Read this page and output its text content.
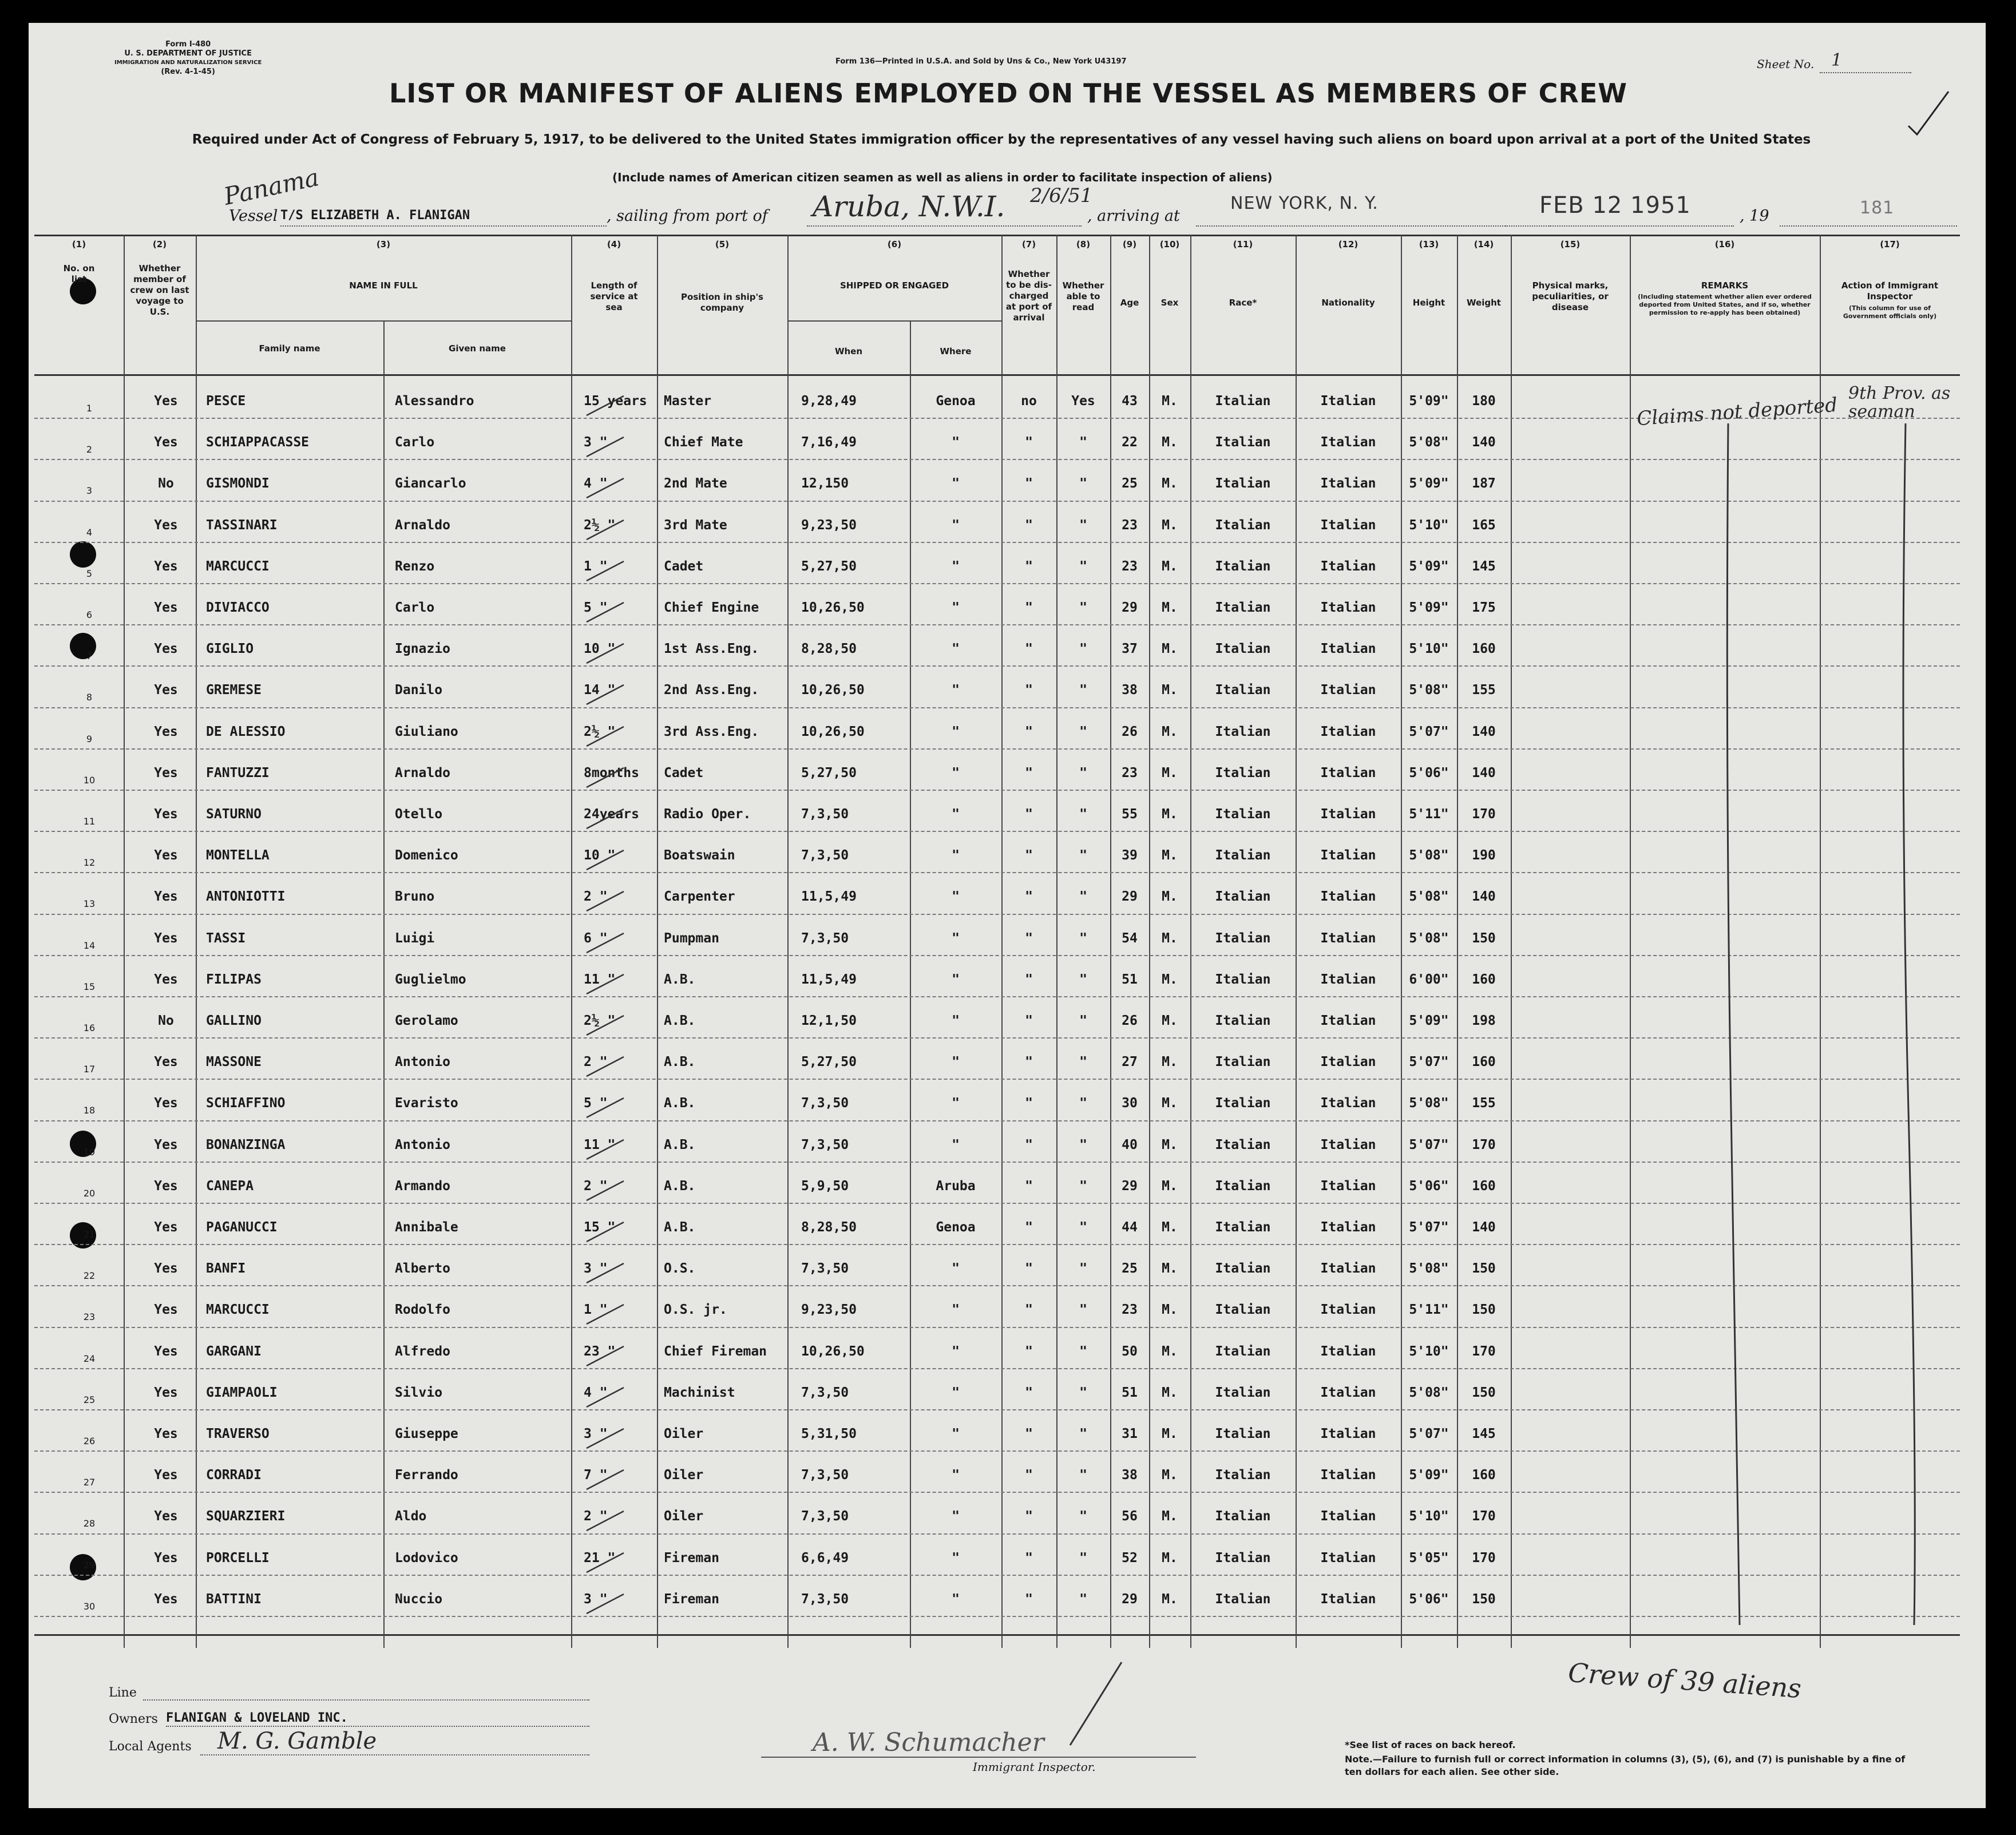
Form I-480
U. S. DEPARTMENT OF JUSTICE
IMMIGRATION AND NATURALIZATION SERVICE
(Rev. 4-1-45)
Form 136—Printed in U.S.A. and Sold by Uns & Co., New York U43197	Sheet No. 1
LIST OR MANIFEST OF ALIENS EMPLOYED ON THE VESSEL AS MEMBERS OF CREW
Required under Act of Congress of February 5, 1917, to be delivered to the United States immigration officer by the representatives of any vessel having such aliens on board upon arrival at a port of the United States
(Include names of American citizen seamen as well as aliens in order to facilitate inspection of aliens)
Panama
Vessel T/S ELIZABETH A. FLANIGAN	, sailing from port of Aruba, N.W.I. 2/6/51
, arriving at
NEW YORK, N. Y.	FEB 12 1951	, 19	181
(1)
No. on list
(2)
Whether member of crew on last voyage to U.S.
(3)
NAME IN FULL
Family name	Given name
(4)
Length of service at sea
(5)
Position in ship's company
(6)
SHIPPED OR ENGAGED
When	Where
(7)
Whether to be dis-charged at port of arrival
(8)
Whether able to read
(9)
Age
(10)
Sex
(11)
Race*
(12)
Nationality
(13)
Height
(14)
Weight
(15)
Physical marks, peculiarities, or disease
(16)
REMARKS
(Including statement whether alien ever ordered deported from United States, and if so, whether permission to re-apply has been obtained)
(17)
Action of Immigrant Inspector
(This column for use of Government officials only)
1	Yes PESCE	Alessandro	15 years Master	9,28,49	Genoa	no	Yes 43 M.	Italian	Italian	5'09" 180
2	Yes SCHIAPPACASSE	Carlo	3 "	Chief Mate	7,16,49	"	"	"	22 M.	Italian	Italian	5'08" 140
3	No GISMONDI	Giancarlo	4 "	2nd Mate	12,150	"	"	"	25 M.	Italian	Italian	5'09" 187
4	Yes TASSINARI	Arnaldo	2½ "	3rd Mate	9,23,50	"	"	"	23 M.	Italian	Italian	5'10" 165
5	Yes MARCUCCI	Renzo	1 "	Cadet	5,27,50	"	"	"	23 M.	Italian	Italian	5'09" 145
6	Yes DIVIACCO	Carlo	5 "	Chief Engine	10,26,50	"	"	"	29 M.	Italian	Italian	5'09" 175
7	Yes GIGLIO	Ignazio	10 "	1st Ass.Eng.	8,28,50	"	"	"	37 M.	Italian	Italian	5'10" 160
8	Yes GREMESE	Danilo	14 "	2nd Ass.Eng.	10,26,50	"	"	"	38 M.	Italian	Italian	5'08" 155
9	Yes DE ALESSIO	Giuliano	2½ "	3rd Ass.Eng.	10,26,50	"	"	"	26 M.	Italian	Italian	5'07" 140
10	Yes FANTUZZI	Arnaldo	8months Cadet	5,27,50	"	"	"	23 M.	Italian	Italian	5'06" 140
11	Yes SATURNO	Otello	24years Radio Oper.	7,3,50	"	"	"	55 M.	Italian	Italian	5'11" 170
12	Yes MONTELLA	Domenico	10 "	Boatswain	7,3,50	"	"	"	39 M.	Italian	Italian	5'08" 190
13	Yes ANTONIOTTI	Bruno	2 "	Carpenter	11,5,49	"	"	"	29 M.	Italian	Italian	5'08" 140
14	Yes TASSI	Luigi	6 "	Pumpman	7,3,50	"	"	"	54 M.	Italian	Italian	5'08" 150
15	Yes FILIPAS	Guglielmo	11 "	A.B.	11,5,49	"	"	"	51 M.	Italian	Italian	6'00" 160
16	No GALLINO	Gerolamo	2½ "	A.B.	12,1,50	"	"	"	26 M.	Italian	Italian	5'09" 198
17	Yes MASSONE	Antonio	2 "	A.B.	5,27,50	"	"	"	27 M.	Italian	Italian	5'07" 160
18	Yes SCHIAFFINO	Evaristo	5 "	A.B.	7,3,50	"	"	"	30 M.	Italian	Italian	5'08" 155
19	Yes BONANZINGA	Antonio	11 "	A.B.	7,3,50	"	"	"	40 M.	Italian	Italian	5'07" 170
20	Yes CANEPA	Armando	2 "	A.B.	5,9,50	Aruba	"	"	29 M.	Italian	Italian	5'06" 160
21	Yes PAGANUCCI	Annibale	15 "	A.B.	8,28,50	Genoa	"	"	44 M.	Italian	Italian	5'07" 140
22	Yes BANFI	Alberto	3 "	O.S.	7,3,50	"	"	"	25 M.	Italian	Italian	5'08" 150
23	Yes MARCUCCI	Rodolfo	1 "	O.S. jr.	9,23,50	"	"	"	23 M.	Italian	Italian	5'11" 150
24	Yes GARGANI	Alfredo	23 "	Chief Fireman	10,26,50	"	"	"	50 M.	Italian	Italian	5'10" 170
25	Yes GIAMPAOLI	Silvio	4 "	Machinist	7,3,50	"	"	"	51 M.	Italian	Italian	5'08" 150
26	Yes TRAVERSO	Giuseppe	3 "	Oiler	5,31,50	"	"	"	31 M.	Italian	Italian	5'07" 145
27	Yes CORRADI	Ferrando	7 "	Oiler	7,3,50	"	"	"	38 M.	Italian	Italian	5'09" 160
28	Yes SQUARZIERI	Aldo	2 "	Oiler	7,3,50	"	"	"	56 M.	Italian	Italian	5'10" 170
29	Yes PORCELLI	Lodovico	21 "	Fireman	6,6,49	"	"	"	52 M.	Italian	Italian	5'05" 170
30	Yes BATTINI	Nuccio	3 "	Fireman	7,3,50	"	"	"	29 M.	Italian	Italian	5'06" 150
Claims not deported
9th Prov. as seaman
Line
Owners FLANIGAN & LOVELAND INC.
Local Agents M. G. Gamble	A. W. Schumacher
Immigrant Inspector.
Crew of 39 aliens
*See list of races on back hereof.
Note.—Failure to furnish full or correct information in columns (3), (5), (6), and (7) is punishable by a fine of ten dollars for each alien. See other side.
